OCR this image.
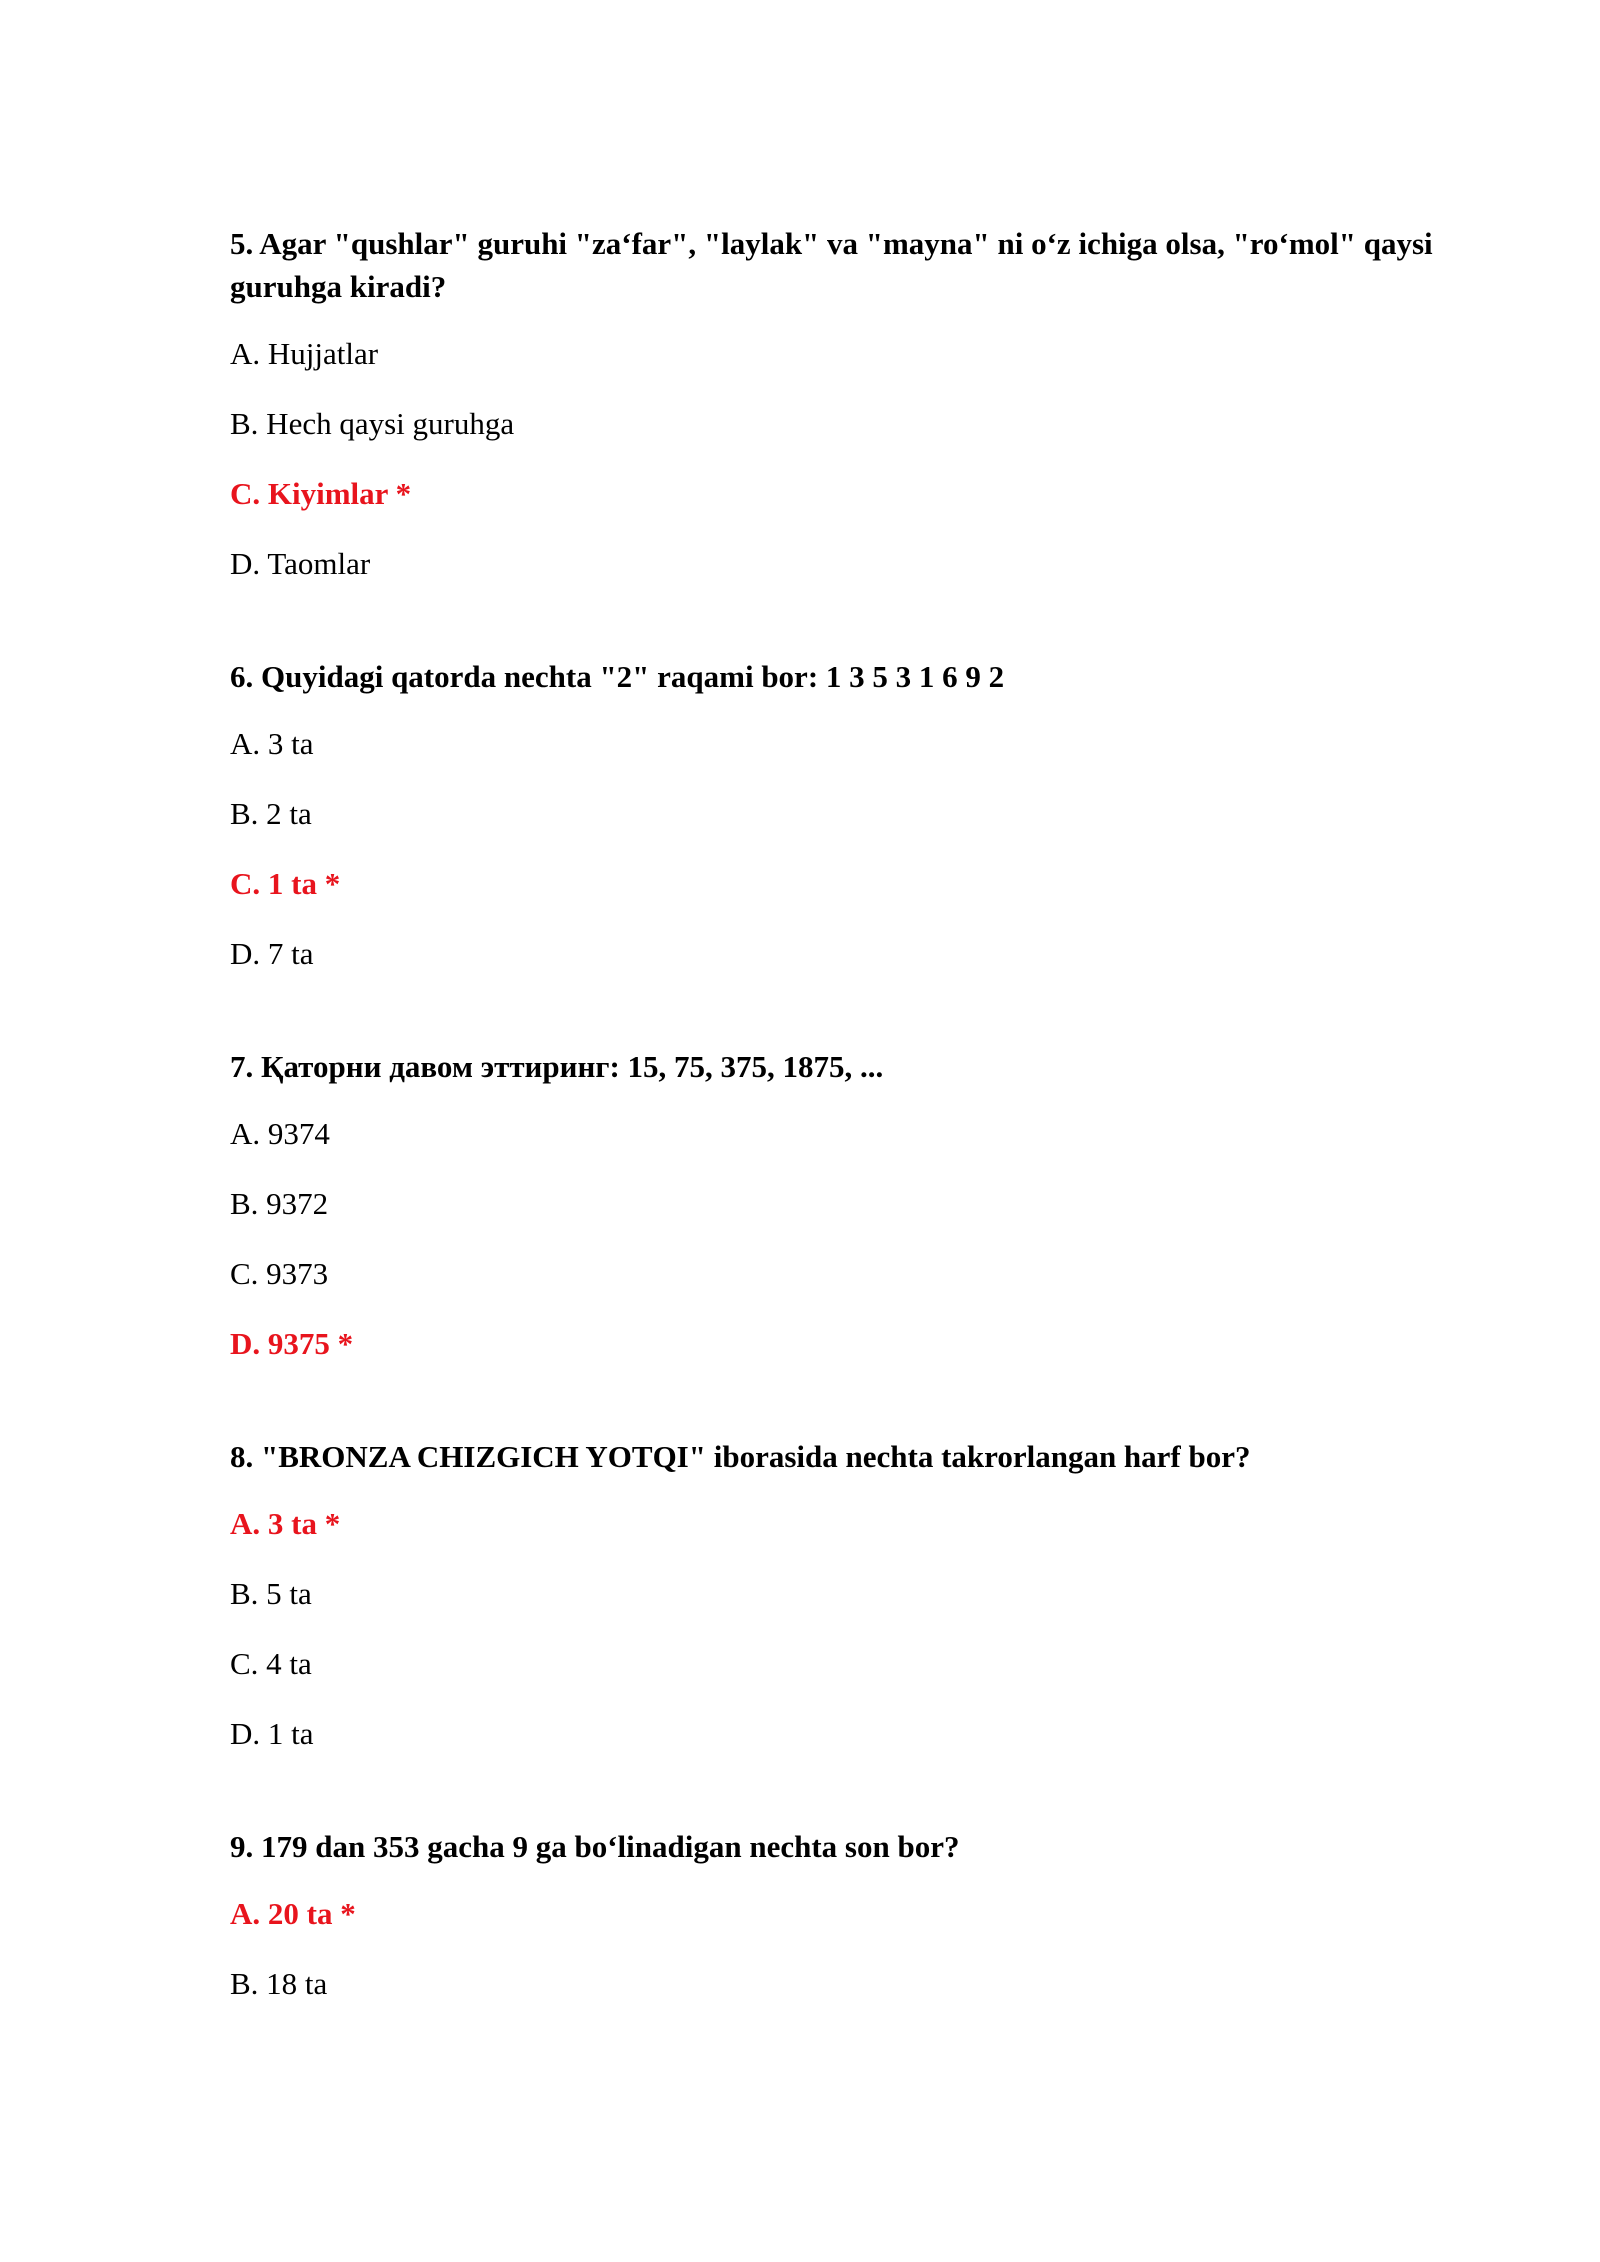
5. Agar "qushlar" guruhi "za‘far", "laylak" va "mayna" ni o‘z ichiga olsa, "ro‘mol" qaysi guruhga kiradi?
A. Hujjatlar
B. Hech qaysi guruhga
C. Kiyimlar *
D. Taomlar
6. Quyidagi qatorda nechta "2" raqami bor: 1 3 5 3 1 6 9 2
A. 3 ta
B. 2 ta
C. 1 ta *
D. 7 ta
7. Қаторни давом эттиринг: 15, 75, 375, 1875, ...
A. 9374
B. 9372
C. 9373
D. 9375 *
8. "BRONZA CHIZGICH YOTQI" iborasida nechta takrorlangan harf bor?
A. 3 ta *
B. 5 ta
C. 4 ta
D. 1 ta
9. 179 dan 353 gacha 9 ga bo‘linadigan nechta son bor?
A. 20 ta *
B. 18 ta
